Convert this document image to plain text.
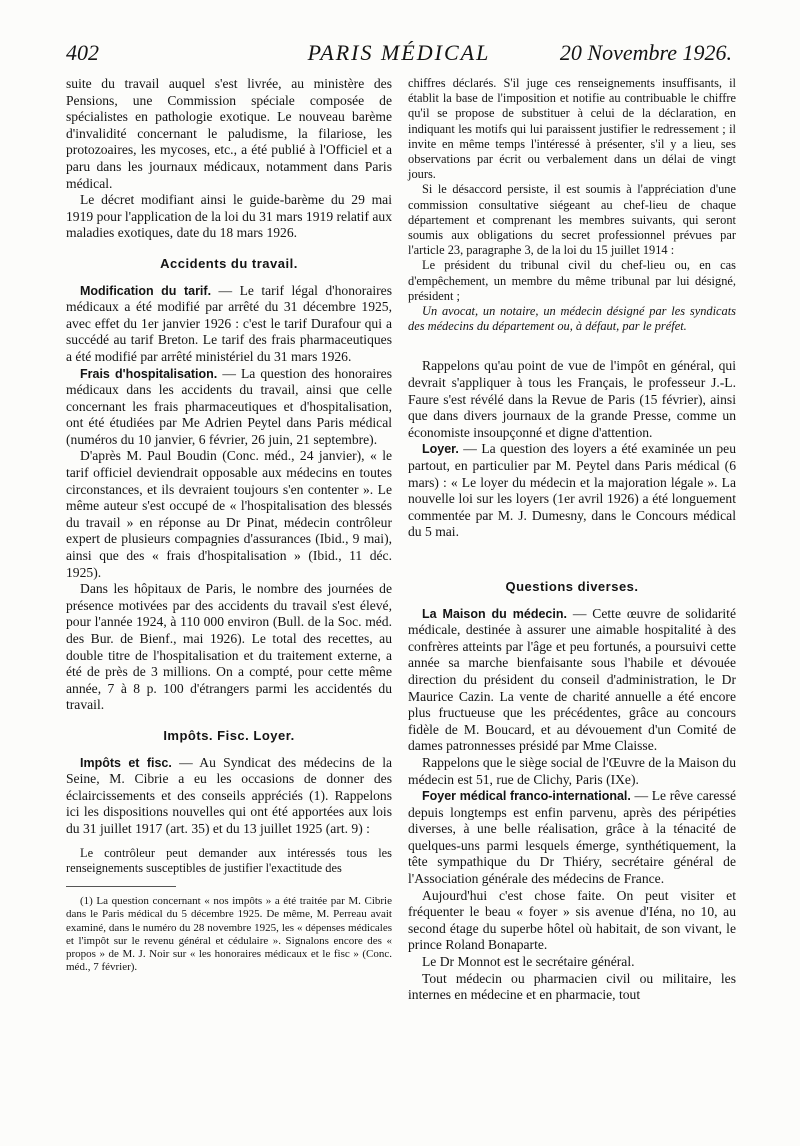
402	PARIS MÉDICAL	20 Novembre 1926.

suite du travail auquel s'est livrée, au ministère des Pensions, une Commission spéciale composée de spécialistes en pathologie exotique. Le nouveau barème d'invalidité concernant le paludisme, la filariose, les protozoaires, les mycoses, etc., a été publié à l'Officiel et a paru dans les journaux médicaux, notamment dans Paris médical.

Le décret modifiant ainsi le guide-barème du 29 mai 1919 pour l'application de la loi du 31 mars 1919 relatif aux maladies exotiques, date du 18 mars 1926.

Accidents du travail.

Modification du tarif. — Le tarif légal d'honoraires médicaux a été modifié par arrêté du 31 décembre 1925, avec effet du 1er janvier 1926 : c'est le tarif Durafour qui a succédé au tarif Breton. Le tarif des frais pharmaceutiques a été modifié par arrêté ministériel du 31 mars 1926.

Frais d'hospitalisation. — La question des honoraires médicaux dans les accidents du travail, ainsi que celle concernant les frais pharmaceutiques et d'hospitalisation, ont été étudiées par Me Adrien Peytel dans Paris médical (numéros du 10 janvier, 6 février, 26 juin, 21 septembre).

D'après M. Paul Boudin (Conc. méd., 24 janvier), « le tarif officiel deviendrait opposable aux médecins en toutes circonstances, et ils devraient toujours s'en contenter ». Le même auteur s'est occupé de « l'hospitalisation des blessés du travail » en réponse au Dr Pinat, médecin contrôleur expert de plusieurs compagnies d'assurances (Ibid., 9 mai), ainsi que des « frais d'hospitalisation » (Ibid., 11 déc. 1925).

Dans les hôpitaux de Paris, le nombre des journées de présence motivées par des accidents du travail s'est élevé, pour l'année 1924, à 110 000 environ (Bull. de la Soc. méd. des Bur. de Bienf., mai 1926). Le total des recettes, au double titre de l'hospitalisation et du traitement externe, a été de près de 3 millions. On a compté, pour cette même année, 7 à 8 p. 100 d'étrangers parmi les accidentés du travail.

Impôts. Fisc. Loyer.

Impôts et fisc. — Au Syndicat des médecins de la Seine, M. Cibrie a eu les occasions de donner des éclaircissements et des conseils appréciés (1). Rappelons ici les dispositions nouvelles qui ont été apportées aux lois du 31 juillet 1917 (art. 35) et du 13 juillet 1925 (art. 9) :

Le contrôleur peut demander aux intéressés tous les renseignements susceptibles de justifier l'exactitude des

(1) La question concernant « nos impôts » a été traitée par M. Cibrie dans le Paris médical du 5 décembre 1925. De même, M. Perreau avait examiné, dans le numéro du 28 novembre 1925, les « dépenses médicales et l'impôt sur le revenu général et cédulaire ». Signalons encore des « propos » de M. J. Noir sur « les honoraires médicaux et le fisc » (Conc. méd., 7 février).

chiffres déclarés. S'il juge ces renseignements insuffisants, il établit la base de l'imposition et notifie au contribuable le chiffre qu'il se propose de substituer à celui de la déclaration, en indiquant les motifs qui lui paraissent justifier le redressement ; il invite en même temps l'intéressé à présenter, s'il y a lieu, ses observations par écrit ou verbalement dans un délai de vingt jours.

Si le désaccord persiste, il est soumis à l'appréciation d'une commission consultative siégeant au chef-lieu de chaque département et comprenant les membres suivants, qui seront soumis aux obligations du secret professionnel prévues par l'article 23, paragraphe 3, de la loi du 15 juillet 1914 :

Le président du tribunal civil du chef-lieu ou, en cas d'empêchement, un membre du même tribunal par lui désigné, président ;

Un avocat, un notaire, un médecin désigné par les syndicats des médecins du département ou, à défaut, par le préfet.

Rappelons qu'au point de vue de l'impôt en général, qui devrait s'appliquer à tous les Français, le professeur J.-L. Faure s'est révélé dans la Revue de Paris (15 février), ainsi que dans divers journaux de la grande Presse, comme un économiste insoupçonné et digne d'attention.

Loyer. — La question des loyers a été examinée un peu partout, en particulier par M. Peytel dans Paris médical (6 mars) : « Le loyer du médecin et la majoration légale ». La nouvelle loi sur les loyers (1er avril 1926) a été longuement commentée par M. J. Dumesny, dans le Concours médical du 5 mai.

Questions diverses.

La Maison du médecin. — Cette œuvre de solidarité médicale, destinée à assurer une aimable hospitalité à des confrères atteints par l'âge et peu fortunés, a poursuivi cette année sa marche bienfaisante sous l'habile et dévouée direction du président du conseil d'administration, le Dr Maurice Cazin. La vente de charité annuelle a été encore plus fructueuse que les précédentes, grâce au concours fidèle de M. Boucard, et au dévouement d'un Comité de dames patronnesses présidé par Mme Claisse.

Rappelons que le siège social de l'Œuvre de la Maison du médecin est 51, rue de Clichy, Paris (IXe).

Foyer médical franco-international. — Le rêve caressé depuis longtemps est enfin parvenu, après des péripéties diverses, à une belle réalisation, grâce à la ténacité de quelques-uns parmi lesquels émerge, synthétiquement, la tête sympathique du Dr Thiéry, secrétaire général de l'Association générale des médecins de France.

Aujourd'hui c'est chose faite. On peut visiter et fréquenter le beau « foyer » sis avenue d'Iéna, no 10, au second étage du superbe hôtel où habitait, de son vivant, le prince Roland Bonaparte.

Le Dr Monnot est le secrétaire général.

Tout médecin ou pharmacien civil ou militaire, les internes en médecine et en pharmacie, tout
